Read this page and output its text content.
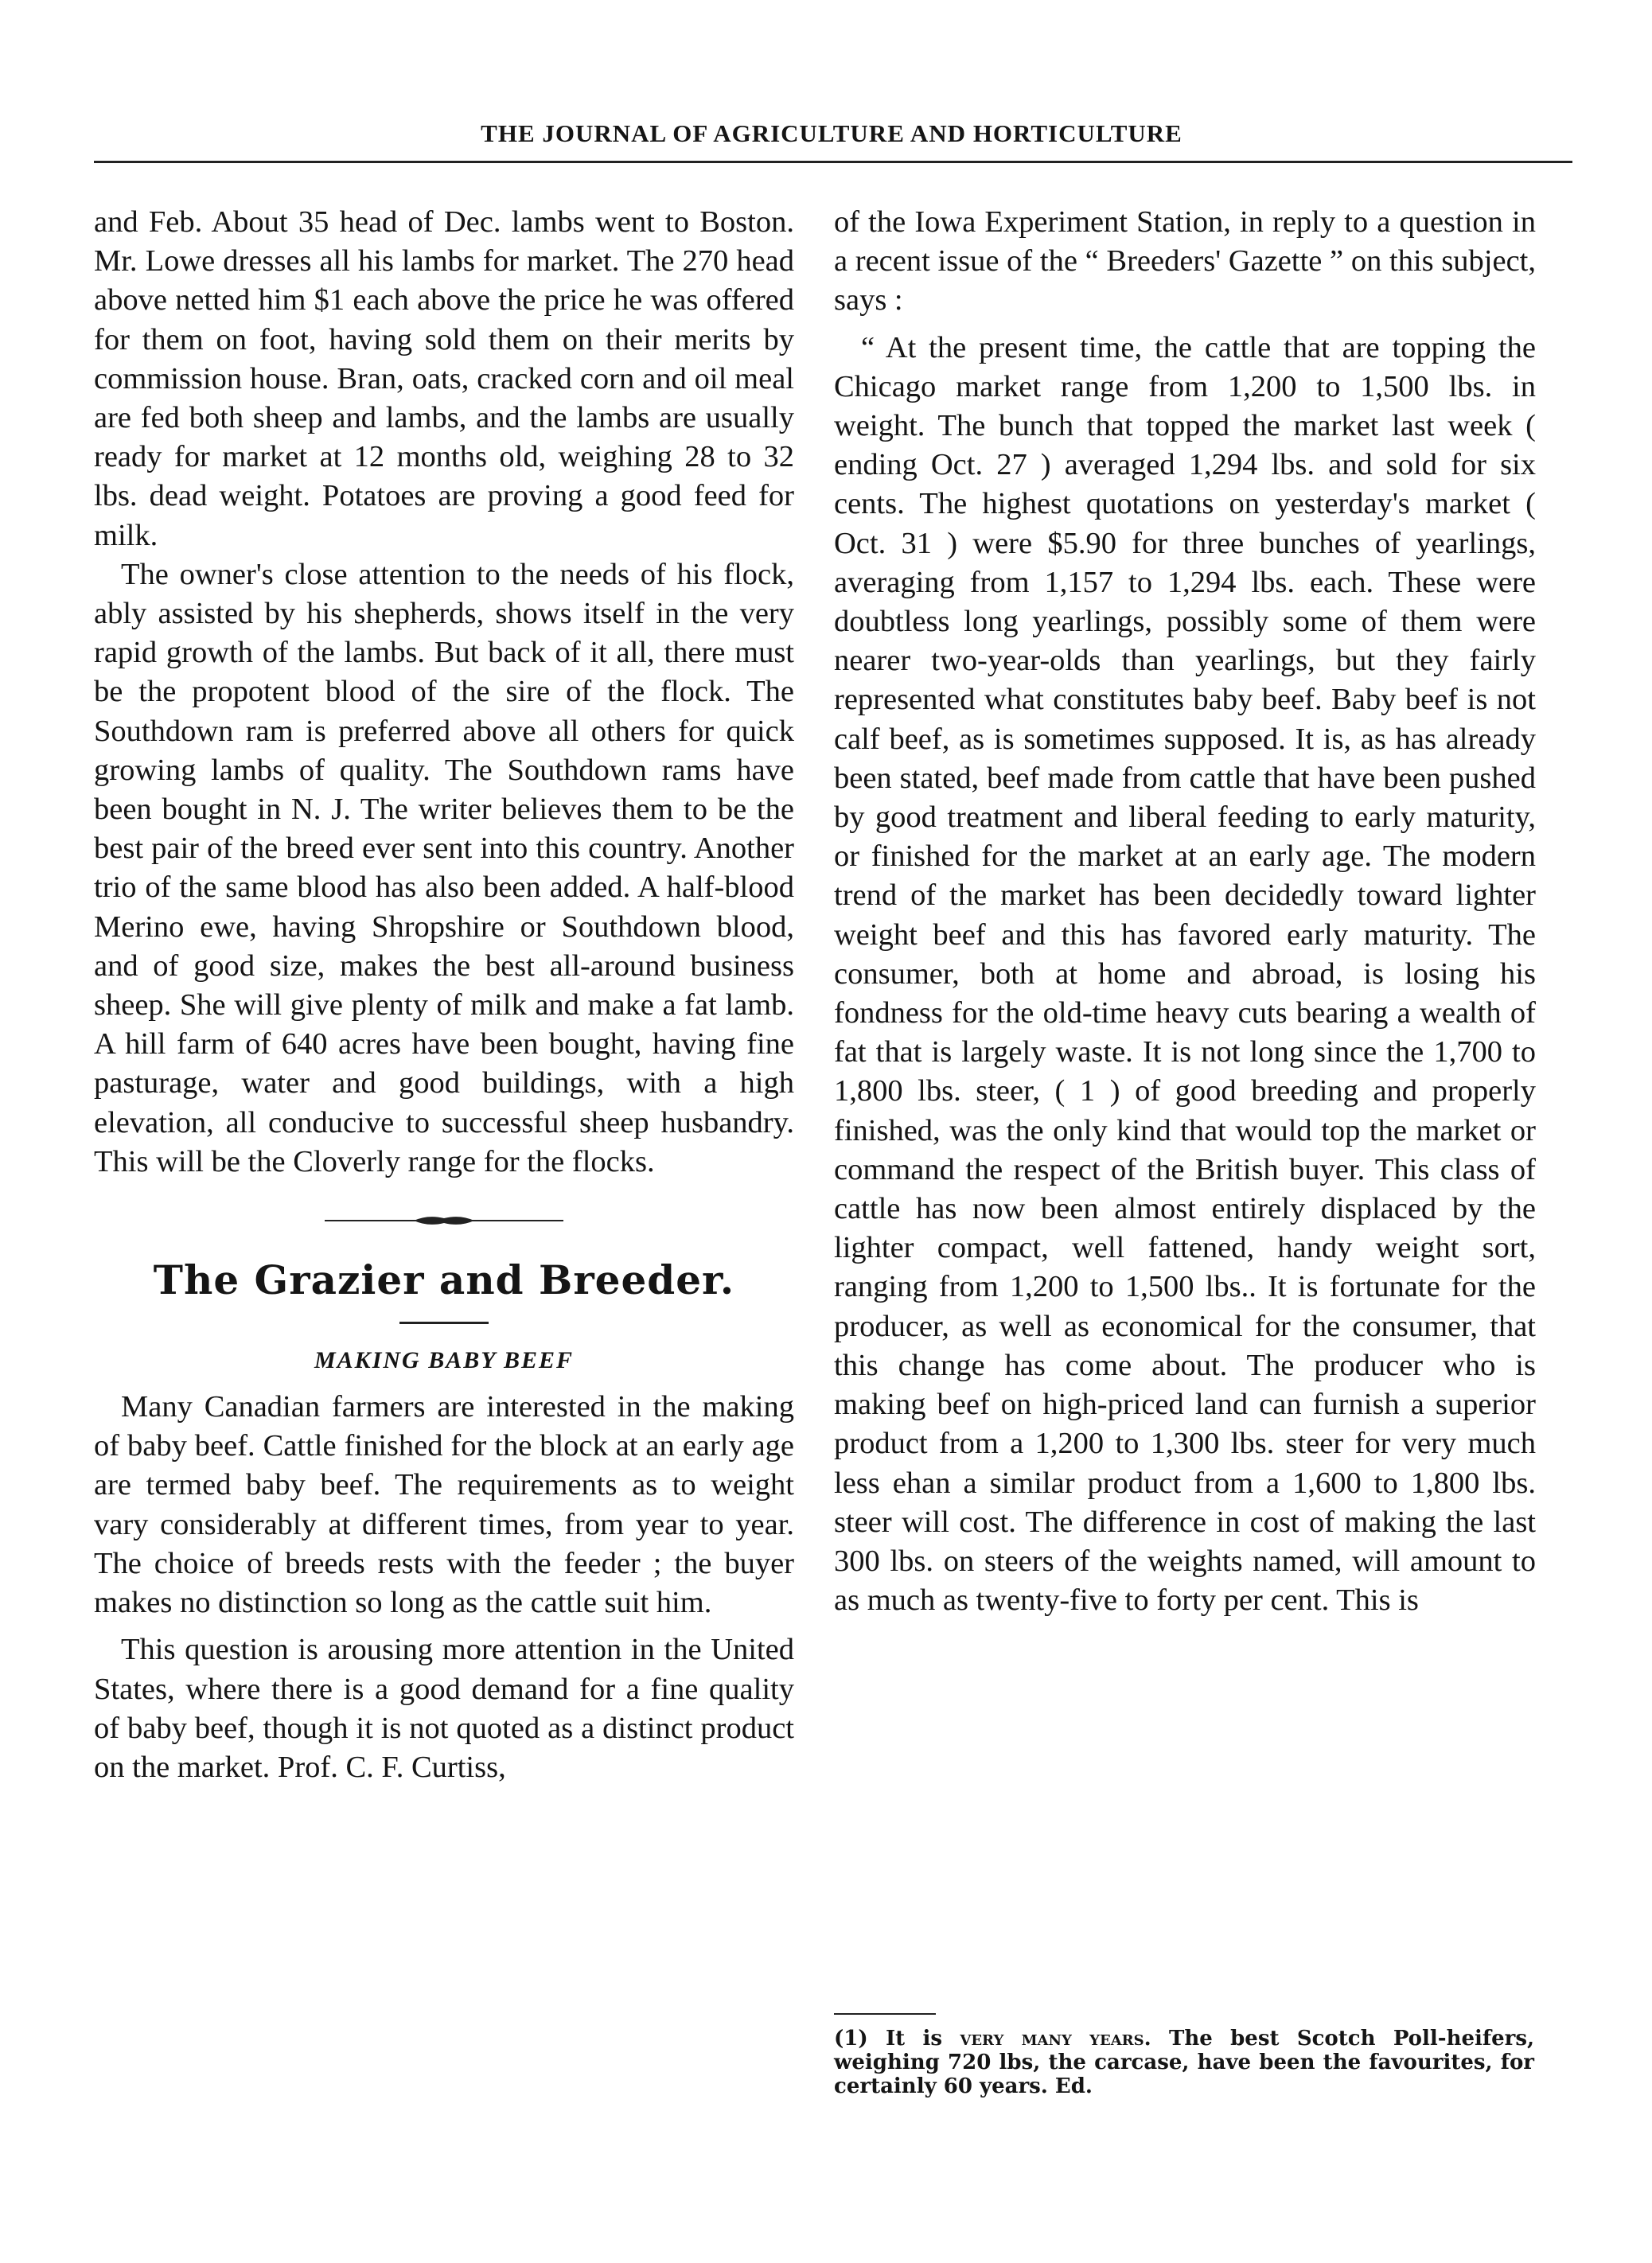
THE JOURNAL OF AGRICULTURE AND HORTICULTURE

and Feb. About 35 head of Dec. lambs went to Boston. Mr. Lowe dresses all his lambs for market. The 270 head above netted him $1 each above the price he was offered for them on foot, having sold them on their merits by commission house. Bran, oats, cracked corn and oil meal are fed both sheep and lambs, and the lambs are usually ready for market at 12 months old, weighing 28 to 32 lbs. dead weight. Potatoes are proving a good feed for milk.

The owner's close attention to the needs of his flock, ably assisted by his shepherds, shows itself in the very rapid growth of the lambs. But back of it all, there must be the propotent blood of the sire of the flock. The Southdown ram is preferred above all others for quick growing lambs of quality. The Southdown rams have been bought in N. J. The writer believes them to be the best pair of the breed ever sent into this country. Another trio of the same blood has also been added. A half-blood Merino ewe, having Shropshire or Southdown blood, and of good size, makes the best all-around business sheep. She will give plenty of milk and make a fat lamb. A hill farm of 640 acres have been bought, having fine pasturage, water and good buildings, with a high elevation, all conducive to successful sheep husbandry. This will be the Cloverly range for the flocks.

The Grazier and Breeder.
MAKING BABY BEEF

Many Canadian farmers are interested in the making of baby beef. Cattle finished for the block at an early age are termed baby beef. The requirements as to weight vary considerably at different times, from year to year. The choice of breeds rests with the feeder ; the buyer makes no distinction so long as the cattle suit him.

This question is arousing more attention in the United States, where there is a good demand for a fine quality of baby beef, though it is not quoted as a distinct product on the market. Prof. C. F. Curtiss,

of the Iowa Experiment Station, in reply to a question in a recent issue of the “ Breeders' Gazette ” on this subject, says :

“ At the present time, the cattle that are topping the Chicago market range from 1,200 to 1,500 lbs. in weight. The bunch that topped the market last week ( ending Oct. 27 ) averaged 1,294 lbs. and sold for six cents. The highest quotations on yesterday's market ( Oct. 31 ) were $5.90 for three bunches of yearlings, averaging from 1,157 to 1,294 lbs. each. These were doubtless long yearlings, possibly some of them were nearer two-year-olds than yearlings, but they fairly represented what constitutes baby beef. Baby beef is not calf beef, as is sometimes supposed. It is, as has already been stated, beef made from cattle that have been pushed by good treatment and liberal feeding to early maturity, or finished for the market at an early age. The modern trend of the market has been decidedly toward lighter weight beef and this has favored early maturity. The consumer, both at home and abroad, is losing his fondness for the old-time heavy cuts bearing a wealth of fat that is largely waste. It is not long since the 1,700 to 1,800 lbs. steer, ( 1 ) of good breeding and properly finished, was the only kind that would top the market or command the respect of the British buyer. This class of cattle has now been almost entirely displaced by the lighter compact, well fattened, handy weight sort, ranging from 1,200 to 1,500 lbs.. It is fortunate for the producer, as well as economical for the consumer, that this change has come about. The producer who is making beef on high-priced land can furnish a superior product from a 1,200 to 1,300 lbs. steer for very much less ehan a similar product from a 1,600 to 1,800 lbs. steer will cost. The difference in cost of making the last 300 lbs. on steers of the weights named, will amount to as much as twenty-five to forty per cent. This is

(1) It is very many years. The best Scotch Poll-heifers, weighing 720 lbs, the carcase, have been the favourites, for certainly 60 years. Ed.
